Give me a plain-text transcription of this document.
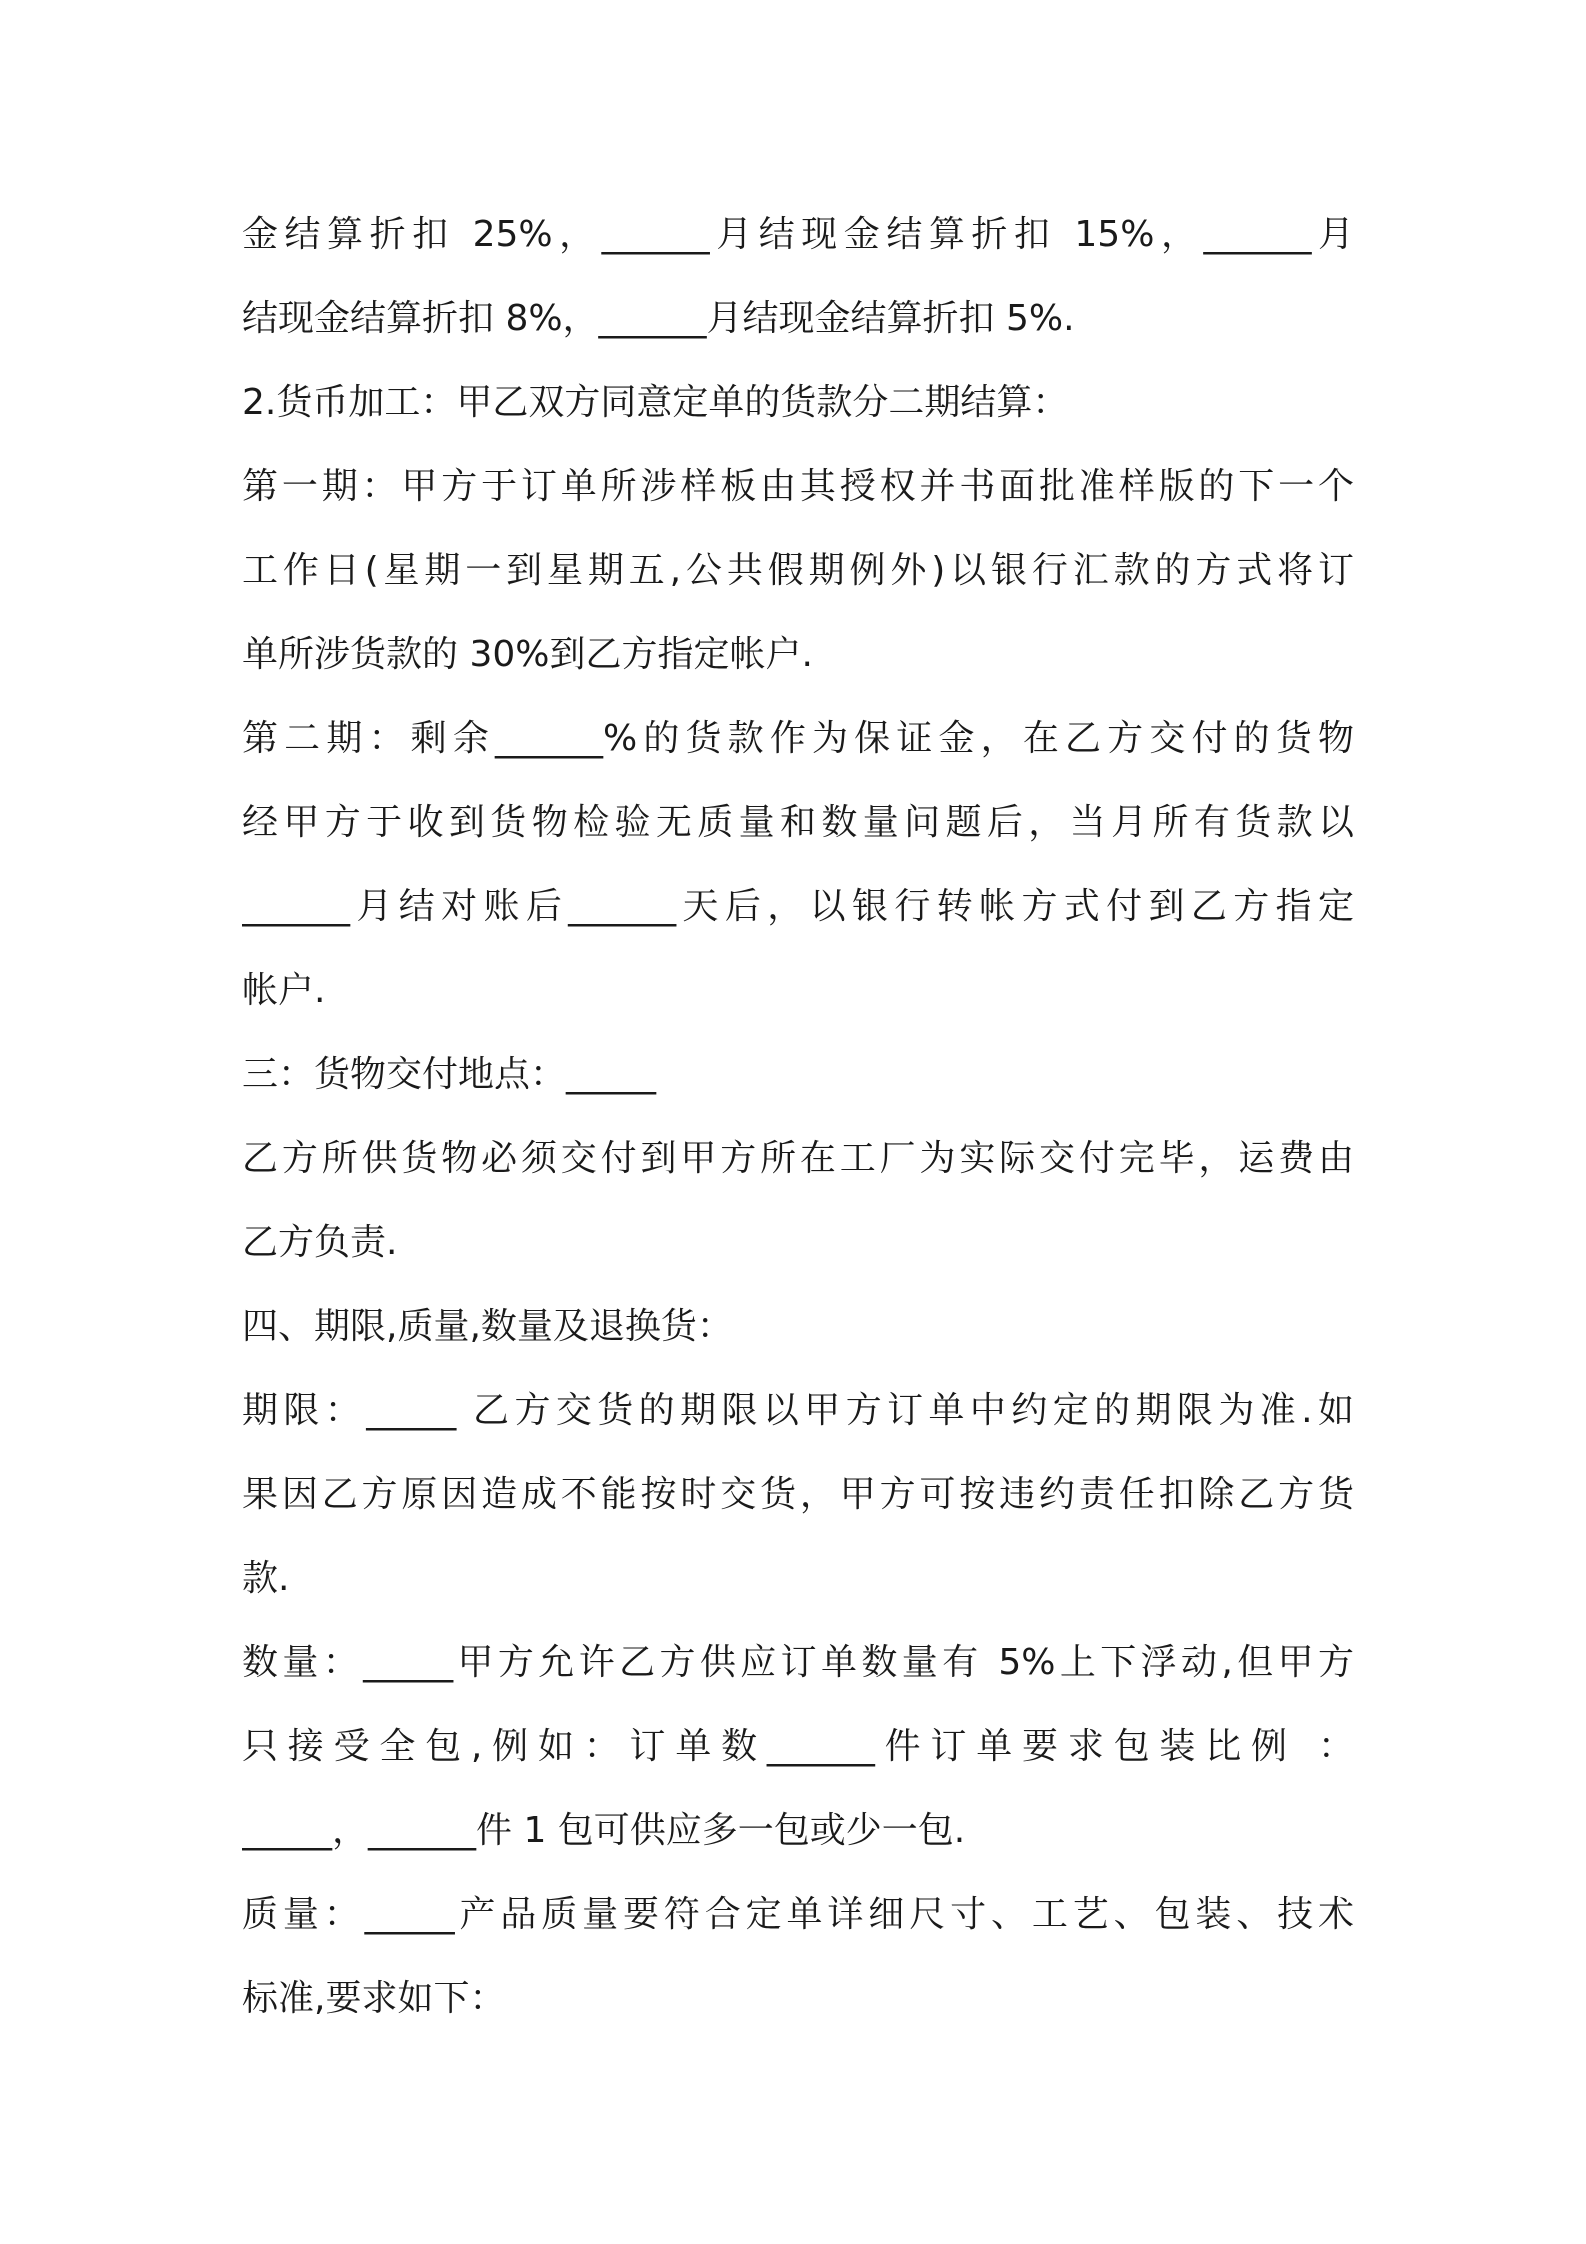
金结算折扣 25%，______月结现金结算折扣 15%，______月
结现金结算折扣 8%，______月结现金结算折扣 5%.
2.货币加工：甲乙双方同意定单的货款分二期结算：
第一期：甲方于订单所涉样板由其授权并书面批准样版的下一个
工作日(星期一到星期五,公共假期例外)以银行汇款的方式将订
单所涉货款的 30%到乙方指定帐户.
第二期：剩余______%的货款作为保证金，在乙方交付的货物
经甲方于收到货物检验无质量和数量问题后，当月所有货款以
______月结对账后______天后，以银行转帐方式付到乙方指定
帐户.
三：货物交付地点：_____
乙方所供货物必须交付到甲方所在工厂为实际交付完毕，运费由
乙方负责.
四、期限,质量,数量及退换货：
期限：_____ 乙方交货的期限以甲方订单中约定的期限为准.如
果因乙方原因造成不能按时交货，甲方可按违约责任扣除乙方货
款.
数量：_____甲方允许乙方供应订单数量有 5%上下浮动,但甲方
只接受全包,例如：订单数______件订单要求包装比例 ：
_____，______件 1 包可供应多一包或少一包.
质量：_____产品质量要符合定单详细尺寸、工艺、包装、技术
标准,要求如下：
